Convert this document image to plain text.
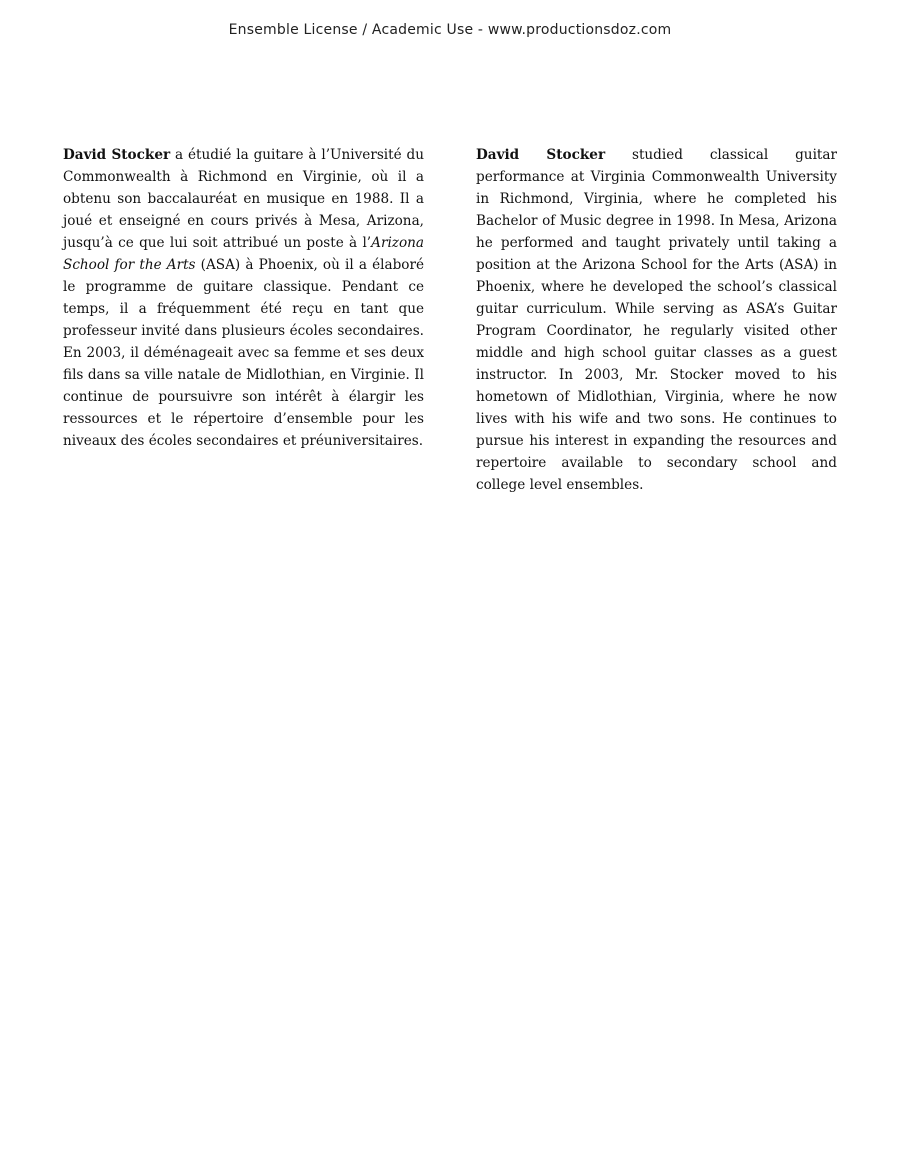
Ensemble License / Academic Use - www.productionsdoz.com

David Stocker a étudié la guitare à l’Université du Commonwealth à Richmond en Virginie, où il a obtenu son baccalauréat en musique en 1988. Il a joué et enseigné en cours privés à Mesa, Arizona, jusqu’à ce que lui soit attribué un poste à l’Arizona School for the Arts (ASA) à Phoenix, où il a élaboré le programme de guitare classique. Pendant ce temps, il a fréquemment été reçu en tant que professeur invité dans plusieurs écoles secondaires. En 2003, il déménageait avec sa femme et ses deux fils dans sa ville natale de Midlothian, en Virginie. Il continue de poursuivre son intérêt à élargir les ressources et le répertoire d’ensemble pour les niveaux des écoles secondaires et préuniversitaires.

David Stocker studied classical guitar performance at Virginia Commonwealth University in Richmond, Virginia, where he completed his Bachelor of Music degree in 1998. In Mesa, Arizona he performed and taught privately until taking a position at the Arizona School for the Arts (ASA) in Phoenix, where he developed the school’s classical guitar curriculum. While serving as ASA’s Guitar Program Coordinator, he regularly visited other middle and high school guitar classes as a guest instructor. In 2003, Mr. Stocker moved to his hometown of Midlothian, Virginia, where he now lives with his wife and two sons. He continues to pursue his interest in expanding the resources and repertoire available to secondary school and college level ensembles.
